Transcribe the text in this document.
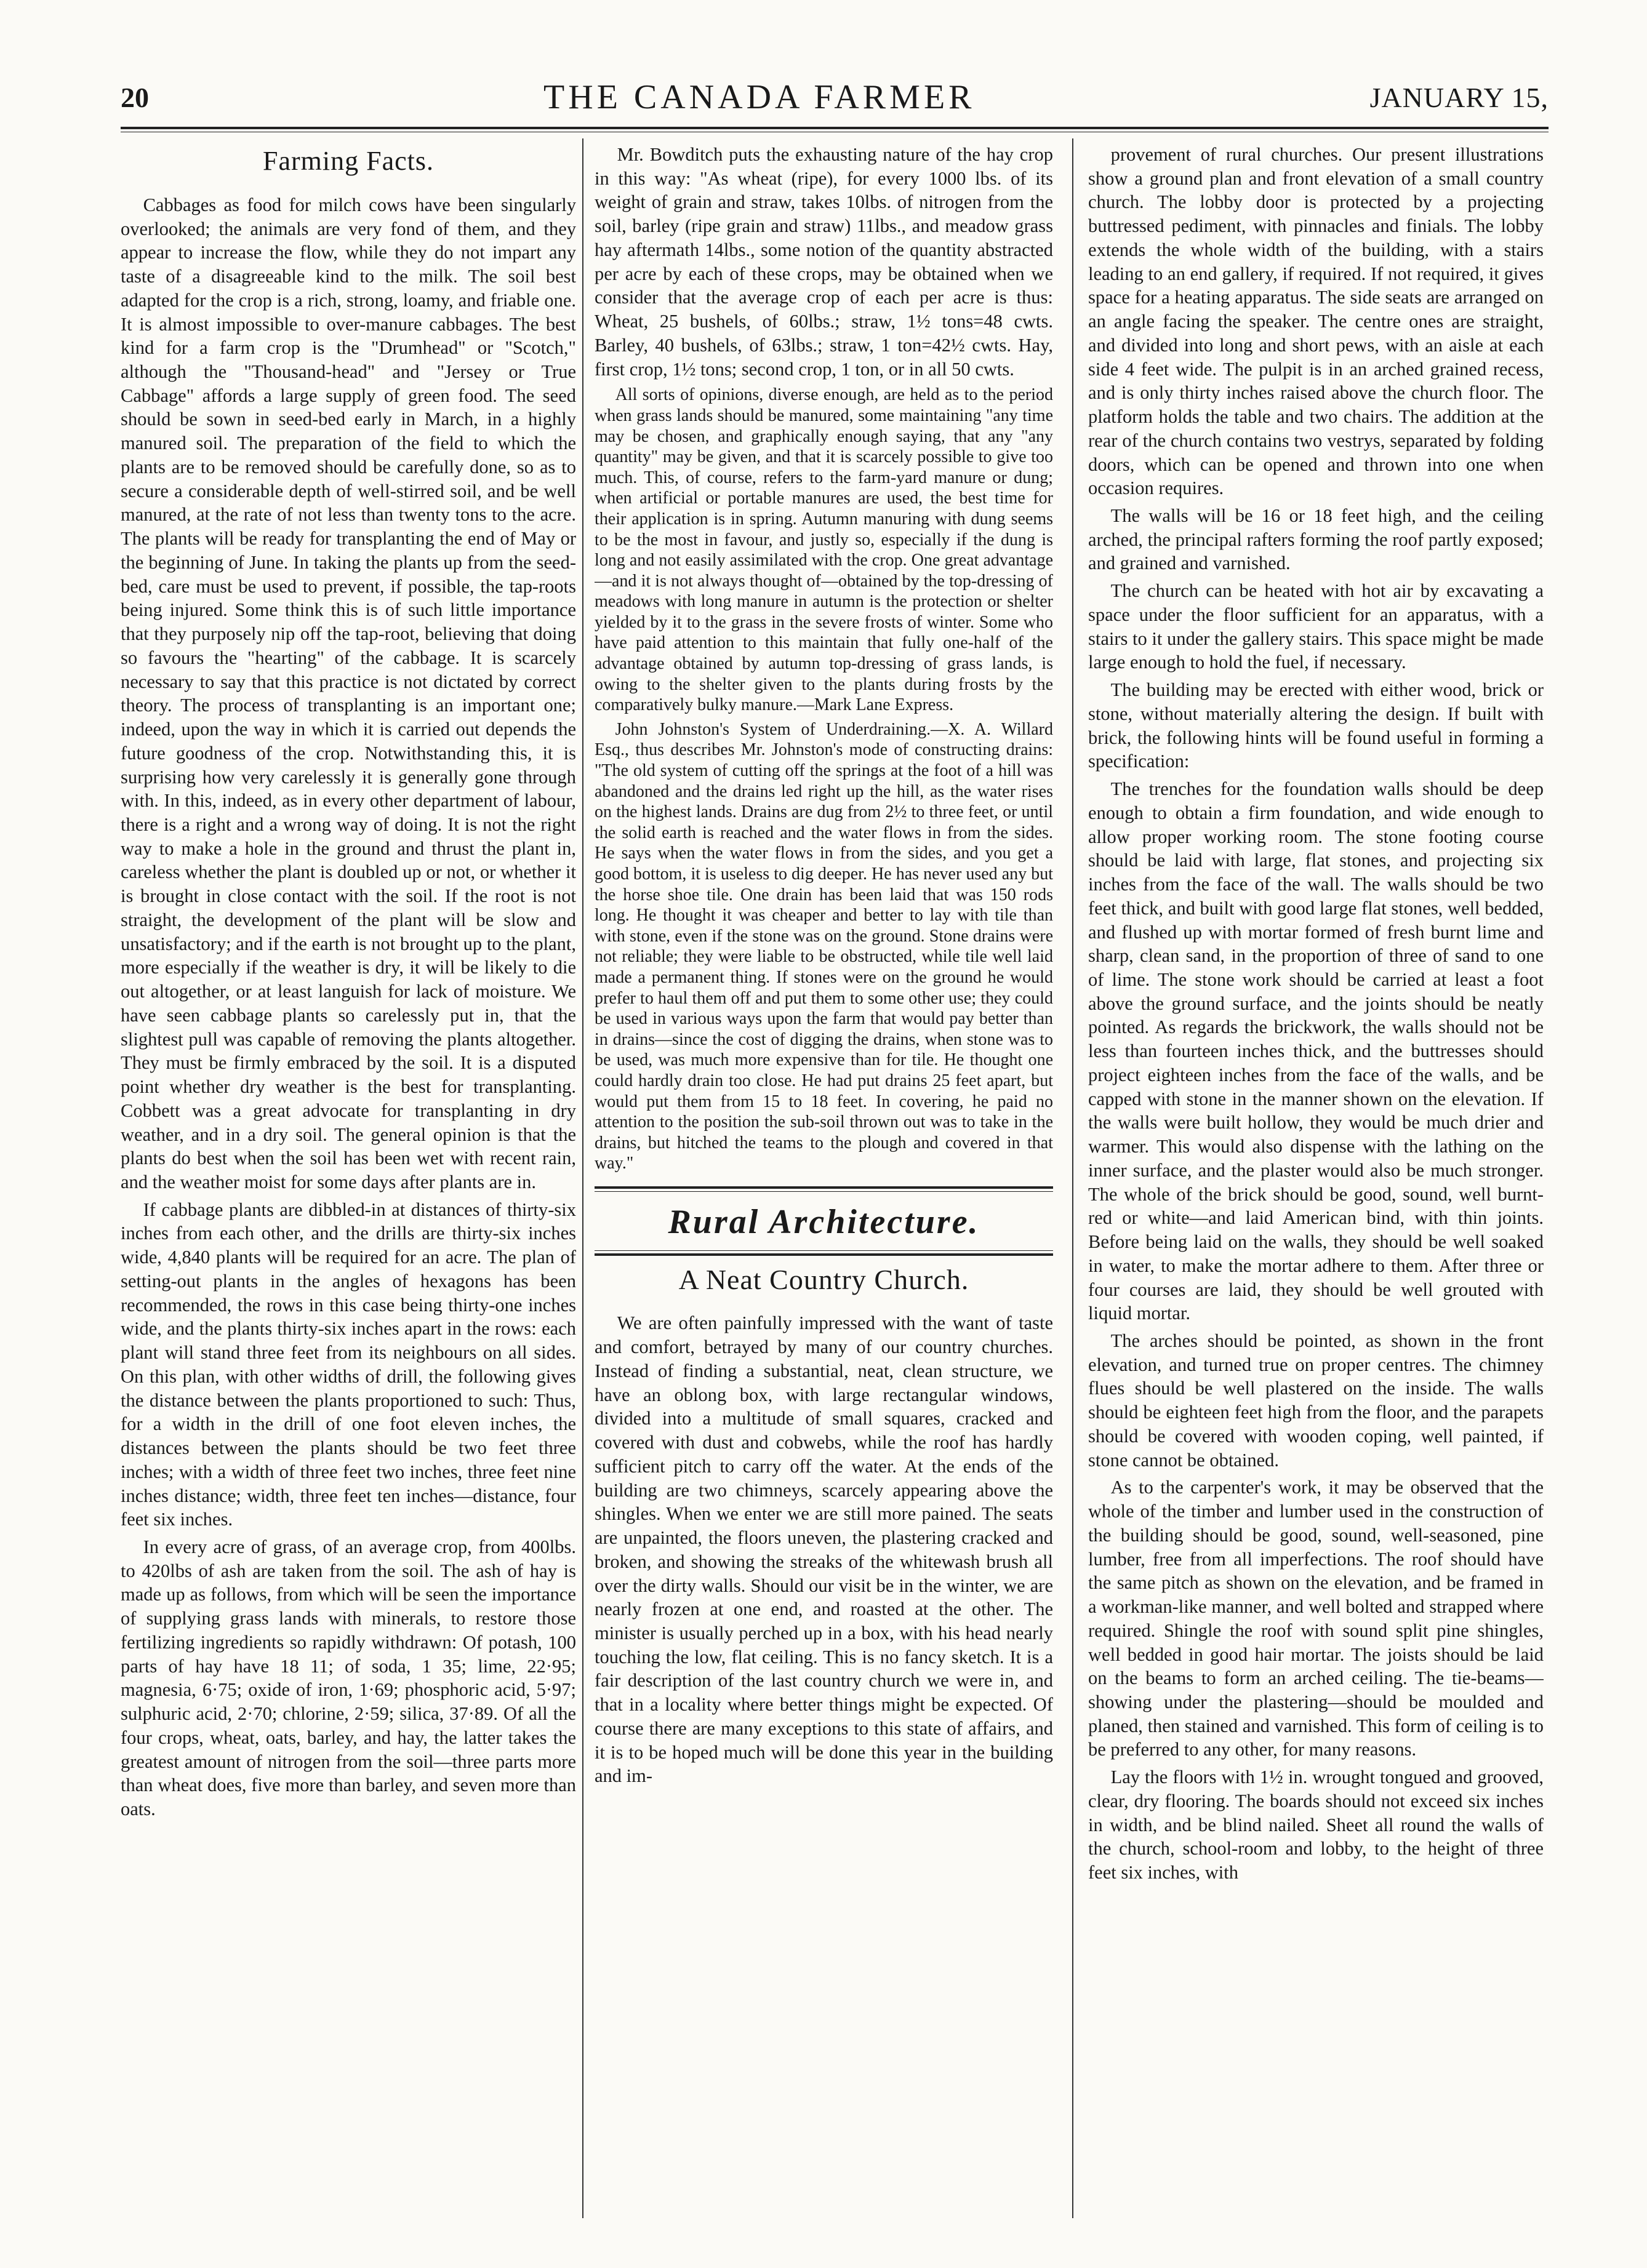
20	THE CANADA FARMER	JANUARY 15,
Farming Facts.

Cabbages as food for milch cows have been singularly overlooked; the animals are very fond of them, and they appear to increase the flow, while they do not impart any taste of a disagreeable kind to the milk. The soil best adapted for the crop is a rich, strong, loamy, and friable one. It is almost impossible to over-manure cabbages. The best kind for a farm crop is the "Drumhead" or "Scotch," although the "Thousand-head" and "Jersey or True Cabbage" affords a large supply of green food. The seed should be sown in seed-bed early in March, in a highly manured soil. The preparation of the field to which the plants are to be removed should be carefully done, so as to secure a considerable depth of well-stirred soil, and be well manured, at the rate of not less than twenty tons to the acre. The plants will be ready for transplanting the end of May or the beginning of June. In taking the plants up from the seed-bed, care must be used to prevent, if possible, the tap-roots being injured. Some think this is of such little importance that they purposely nip off the tap-root, believing that doing so favours the "hearting" of the cabbage. It is scarcely necessary to say that this practice is not dictated by correct theory. The process of transplanting is an important one; indeed, upon the way in which it is carried out depends the future goodness of the crop. Notwithstanding this, it is surprising how very carelessly it is generally gone through with. In this, indeed, as in every other department of labour, there is a right and a wrong way of doing. It is not the right way to make a hole in the ground and thrust the plant in, careless whether the plant is doubled up or not, or whether it is brought in close contact with the soil. If the root is not straight, the development of the plant will be slow and unsatisfactory; and if the earth is not brought up to the plant, more especially if the weather is dry, it will be likely to die out altogether, or at least languish for lack of moisture. We have seen cabbage plants so carelessly put in, that the slightest pull was capable of removing the plants altogether. They must be firmly embraced by the soil. It is a disputed point whether dry weather is the best for transplanting. Cobbett was a great advocate for transplanting in dry weather, and in a dry soil. The general opinion is that the plants do best when the soil has been wet with recent rain, and the weather moist for some days after plants are in.

If cabbage plants are dibbled-in at distances of thirty-six inches from each other, and the drills are thirty-six inches wide, 4,840 plants will be required for an acre. The plan of setting-out plants in the angles of hexagons has been recommended, the rows in this case being thirty-one inches wide, and the plants thirty-six inches apart in the rows: each plant will stand three feet from its neighbours on all sides. On this plan, with other widths of drill, the following gives the distance between the plants proportioned to such: Thus, for a width in the drill of one foot eleven inches, the distances between the plants should be two feet three inches; with a width of three feet two inches, three feet nine inches distance; width, three feet ten inches—distance, four feet six inches.

In every acre of grass, of an average crop, from 400lbs. to 420lbs of ash are taken from the soil. The ash of hay is made up as follows, from which will be seen the importance of supplying grass lands with minerals, to restore those fertilizing ingredients so rapidly withdrawn: Of potash, 100 parts of hay have 18 11; of soda, 1 35; lime, 22·95; magnesia, 6·75; oxide of iron, 1·69; phosphoric acid, 5·97; sulphuric acid, 2·70; chlorine, 2·59; silica, 37·89. Of all the four crops, wheat, oats, barley, and hay, the latter takes the greatest amount of nitrogen from the soil—three parts more than wheat does, five more than barley, and seven more than oats.

Mr. Bowditch puts the exhausting nature of the hay crop in this way: "As wheat (ripe), for every 1000 lbs. of its weight of grain and straw, takes 10lbs. of nitrogen from the soil, barley (ripe grain and straw) 11lbs., and meadow grass hay aftermath 14lbs., some notion of the quantity abstracted per acre by each of these crops, may be obtained when we consider that the average crop of each per acre is thus: Wheat, 25 bushels, of 60lbs.; straw, 1½ tons=48 cwts. Barley, 40 bushels, of 63lbs.; straw, 1 ton=42½ cwts. Hay, first crop, 1½ tons; second crop, 1 ton, or in all 50 cwts.

All sorts of opinions, diverse enough, are held as to the period when grass lands should be manured, some maintaining "any time may be chosen, and graphically enough saying, that any "any quantity" may be given, and that it is scarcely possible to give too much. This, of course, refers to the farm-yard manure or dung; when artificial or portable manures are used, the best time for their application is in spring. Autumn manuring with dung seems to be the most in favour, and justly so, especially if the dung is long and not easily assimilated with the crop. One great advantage—and it is not always thought of—obtained by the top-dressing of meadows with long manure in autumn is the protection or shelter yielded by it to the grass in the severe frosts of winter. Some who have paid attention to this maintain that fully one-half of the advantage obtained by autumn top-dressing of grass lands, is owing to the shelter given to the plants during frosts by the comparatively bulky manure.—Mark Lane Express.

John Johnston's System of Underdraining.—X. A. Willard Esq., thus describes Mr. Johnston's mode of constructing drains: "The old system of cutting off the springs at the foot of a hill was abandoned and the drains led right up the hill, as the water rises on the highest lands. Drains are dug from 2½ to three feet, or until the solid earth is reached and the water flows in from the sides. He says when the water flows in from the sides, and you get a good bottom, it is useless to dig deeper. He has never used any but the horse shoe tile. One drain has been laid that was 150 rods long. He thought it was cheaper and better to lay with tile than with stone, even if the stone was on the ground. Stone drains were not reliable; they were liable to be obstructed, while tile well laid made a permanent thing. If stones were on the ground he would prefer to haul them off and put them to some other use; they could be used in various ways upon the farm that would pay better than in drains—since the cost of digging the drains, when stone was to be used, was much more expensive than for tile. He thought one could hardly drain too close. He had put drains 25 feet apart, but would put them from 15 to 18 feet. In covering, he paid no attention to the position the sub-soil thrown out was to take in the drains, but hitched the teams to the plough and covered in that way."

Rural Architecture.
A Neat Country Church.

We are often painfully impressed with the want of taste and comfort, betrayed by many of our country churches. Instead of finding a substantial, neat, clean structure, we have an oblong box, with large rectangular windows, divided into a multitude of small squares, cracked and covered with dust and cobwebs, while the roof has hardly sufficient pitch to carry off the water. At the ends of the building are two chimneys, scarcely appearing above the shingles. When we enter we are still more pained. The seats are unpainted, the floors uneven, the plastering cracked and broken, and showing the streaks of the whitewash brush all over the dirty walls. Should our visit be in the winter, we are nearly frozen at one end, and roasted at the other. The minister is usually perched up in a box, with his head nearly touching the low, flat ceiling. This is no fancy sketch. It is a fair description of the last country church we were in, and that in a locality where better things might be expected. Of course there are many exceptions to this state of affairs, and it is to be hoped much will be done this year in the building and im-

provement of rural churches. Our present illustrations show a ground plan and front elevation of a small country church. The lobby door is protected by a projecting buttressed pediment, with pinnacles and finials. The lobby extends the whole width of the building, with a stairs leading to an end gallery, if required. If not required, it gives space for a heating apparatus. The side seats are arranged on an angle facing the speaker. The centre ones are straight, and divided into long and short pews, with an aisle at each side 4 feet wide. The pulpit is in an arched grained recess, and is only thirty inches raised above the church floor. The platform holds the table and two chairs. The addition at the rear of the church contains two vestrys, separated by folding doors, which can be opened and thrown into one when occasion requires.

The walls will be 16 or 18 feet high, and the ceiling arched, the principal rafters forming the roof partly exposed; and grained and varnished.

The church can be heated with hot air by excavating a space under the floor sufficient for an apparatus, with a stairs to it under the gallery stairs. This space might be made large enough to hold the fuel, if necessary.

The building may be erected with either wood, brick or stone, without materially altering the design. If built with brick, the following hints will be found useful in forming a specification:

The trenches for the foundation walls should be deep enough to obtain a firm foundation, and wide enough to allow proper working room. The stone footing course should be laid with large, flat stones, and projecting six inches from the face of the wall. The walls should be two feet thick, and built with good large flat stones, well bedded, and flushed up with mortar formed of fresh burnt lime and sharp, clean sand, in the proportion of three of sand to one of lime. The stone work should be carried at least a foot above the ground surface, and the joints should be neatly pointed. As regards the brickwork, the walls should not be less than fourteen inches thick, and the buttresses should project eighteen inches from the face of the walls, and be capped with stone in the manner shown on the elevation. If the walls were built hollow, they would be much drier and warmer. This would also dispense with the lathing on the inner surface, and the plaster would also be much stronger. The whole of the brick should be good, sound, well burnt-red or white—and laid American bind, with thin joints. Before being laid on the walls, they should be well soaked in water, to make the mortar adhere to them. After three or four courses are laid, they should be well grouted with liquid mortar.

The arches should be pointed, as shown in the front elevation, and turned true on proper centres. The chimney flues should be well plastered on the inside. The walls should be eighteen feet high from the floor, and the parapets should be covered with wooden coping, well painted, if stone cannot be obtained.

As to the carpenter's work, it may be observed that the whole of the timber and lumber used in the construction of the building should be good, sound, well-seasoned, pine lumber, free from all imperfections. The roof should have the same pitch as shown on the elevation, and be framed in a workman-like manner, and well bolted and strapped where required. Shingle the roof with sound split pine shingles, well bedded in good hair mortar. The joists should be laid on the beams to form an arched ceiling. The tie-beams—showing under the plastering—should be moulded and planed, then stained and varnished. This form of ceiling is to be preferred to any other, for many reasons.

Lay the floors with 1½ in. wrought tongued and grooved, clear, dry flooring. The boards should not exceed six inches in width, and be blind nailed. Sheet all round the walls of the church, school-room and lobby, to the height of three feet six inches, with
